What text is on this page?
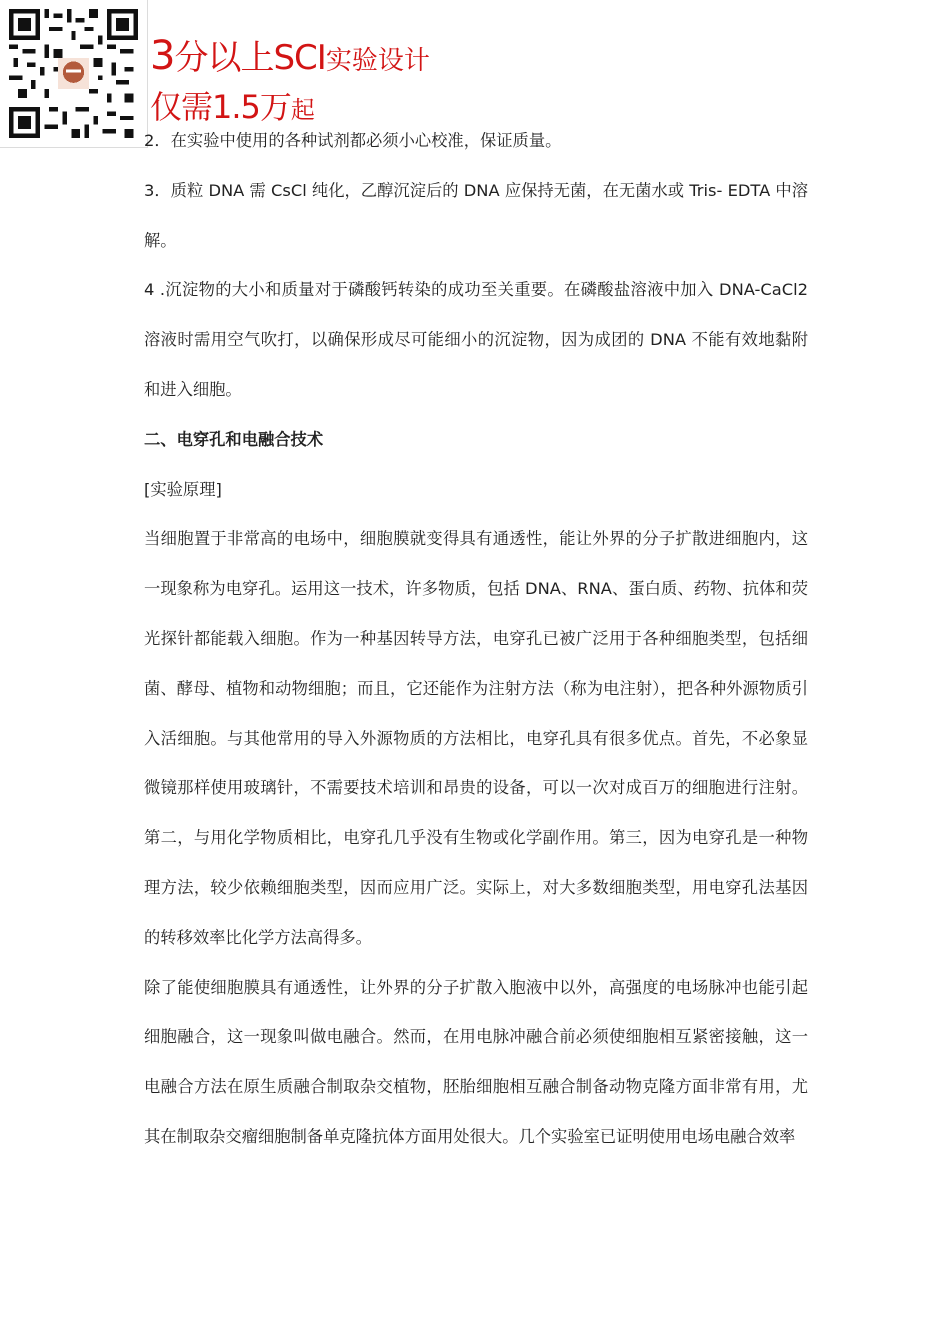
3分以上SCI实验设计
仅需1.5万起

2．在实验中使用的各种试剂都必须小心校准，保证质量。

3．质粒 DNA 需 CsCl 纯化，乙醇沉淀后的 DNA 应保持无菌，在无菌水或 Tris- EDTA 中溶解。

4 .沉淀物的大小和质量对于磷酸钙转染的成功至关重要。在磷酸盐溶液中加入 DNA-CaCl2 溶液时需用空气吹打，以确保形成尽可能细小的沉淀物，因为成团的 DNA 不能有效地黏附和进入细胞。

二、电穿孔和电融合技术

[实验原理]

当细胞置于非常高的电场中，细胞膜就变得具有通透性，能让外界的分子扩散进细胞内，这一现象称为电穿孔。运用这一技术，许多物质，包括 DNA、RNA、蛋白质、药物、抗体和荧光探针都能载入细胞。作为一种基因转导方法，电穿孔已被广泛用于各种细胞类型，包括细菌、酵母、植物和动物细胞；而且，它还能作为注射方法（称为电注射），把各种外源物质引入活细胞。与其他常用的导入外源物质的方法相比，电穿孔具有很多优点。首先，不必象显微镜那样使用玻璃针，不需要技术培训和昂贵的设备，可以一次对成百万的细胞进行注射。第二，与用化学物质相比，电穿孔几乎没有生物或化学副作用。第三，因为电穿孔是一种物理方法，较少依赖细胞类型，因而应用广泛。实际上，对大多数细胞类型，用电穿孔法基因的转移效率比化学方法高得多。

除了能使细胞膜具有通透性，让外界的分子扩散入胞液中以外，高强度的电场脉冲也能引起细胞融合，这一现象叫做电融合。然而，在用电脉冲融合前必须使细胞相互紧密接触，这一电融合方法在原生质融合制取杂交植物，胚胎细胞相互融合制备动物克隆方面非常有用，尤其在制取杂交瘤细胞制备单克隆抗体方面用处很大。几个实验室已证明使用电场电融合效率
